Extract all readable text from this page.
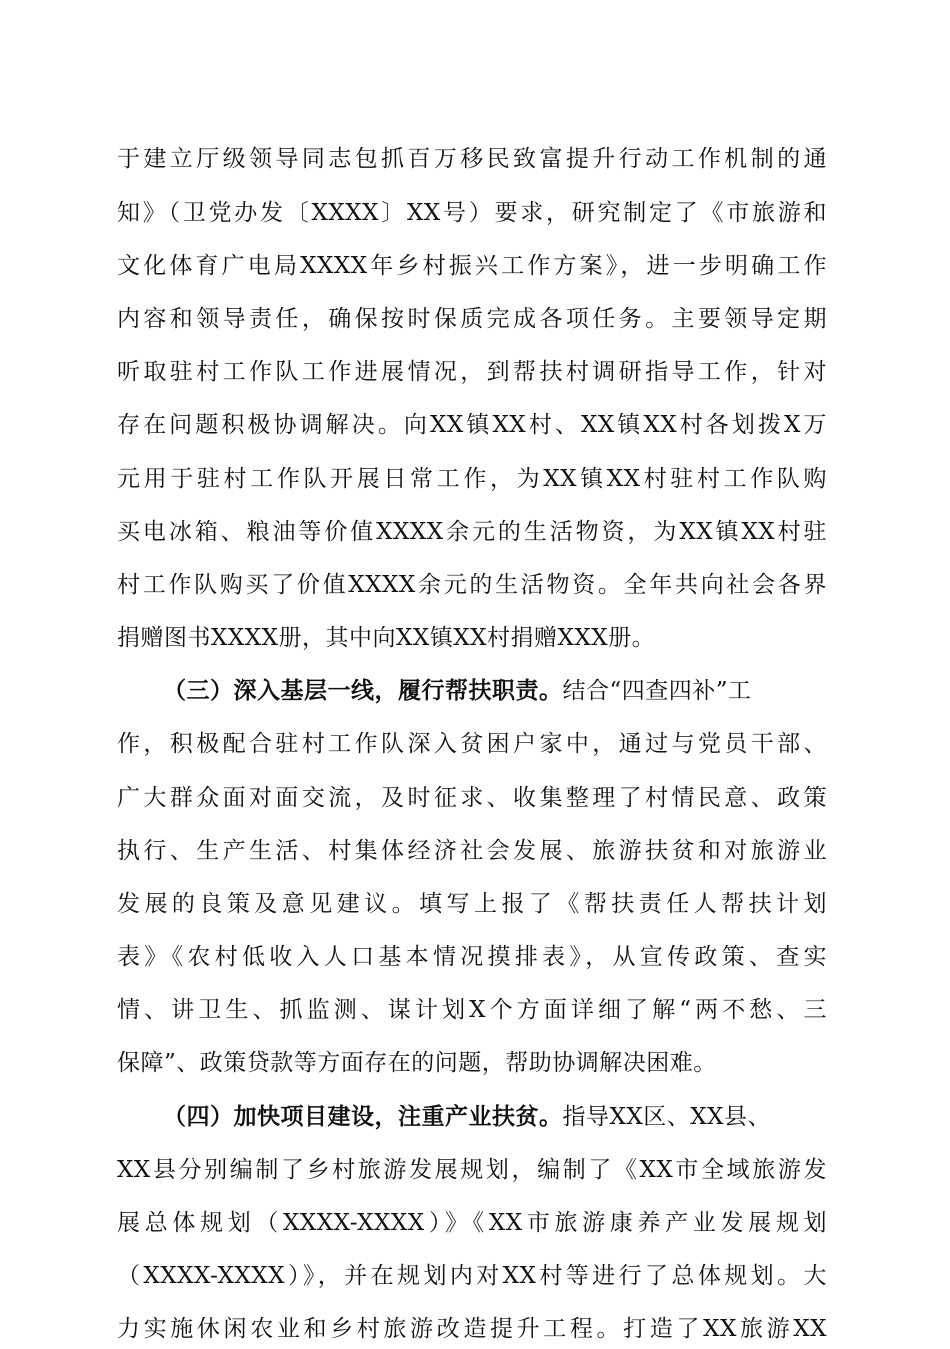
于建立厅级领导同志包抓百万移民致富提升行动工作机制的通
知》（卫党办发〔XXXX〕XX号）要求，研究制定了《市旅游和
文化体育广电局XXXX年乡村振兴工作方案》，进一步明确工作
内容和领导责任，确保按时保质完成各项任务。主要领导定期
听取驻村工作队工作进展情况，到帮扶村调研指导工作，针对
存在问题积极协调解决。向XX镇XX村、XX镇XX村各划拨X万
元用于驻村工作队开展日常工作，为XX镇XX村驻村工作队购
买电冰箱、粮油等价值XXXX余元的生活物资，为XX镇XX村驻
村工作队购买了价值XXXX余元的生活物资。全年共向社会各界
捐赠图书XXXX册，其中向XX镇XX村捐赠XXX册。
（三）深入基层一线，履行帮扶职责。结合“四查四补”工
作，积极配合驻村工作队深入贫困户家中，通过与党员干部、
广大群众面对面交流，及时征求、收集整理了村情民意、政策
执行、生产生活、村集体经济社会发展、旅游扶贫和对旅游业
发展的良策及意见建议。填写上报了《帮扶责任人帮扶计划
表》《农村低收入人口基本情况摸排表》，从宣传政策、查实
情、讲卫生、抓监测、谋计划X个方面详细了解“两不愁、三
保障”、政策贷款等方面存在的问题，帮助协调解决困难。
（四）加快项目建设，注重产业扶贫。指导XX区、XX县、
XX县分别编制了乡村旅游发展规划，编制了《XX市全域旅游发
展总体规划（XXXX-XXXX）》《XX市旅游康养产业发展规划
（XXXX-XXXX）》，并在规划内对XX村等进行了总体规划。大
力实施休闲农业和乡村旅游改造提升工程。打造了XX旅游XX
